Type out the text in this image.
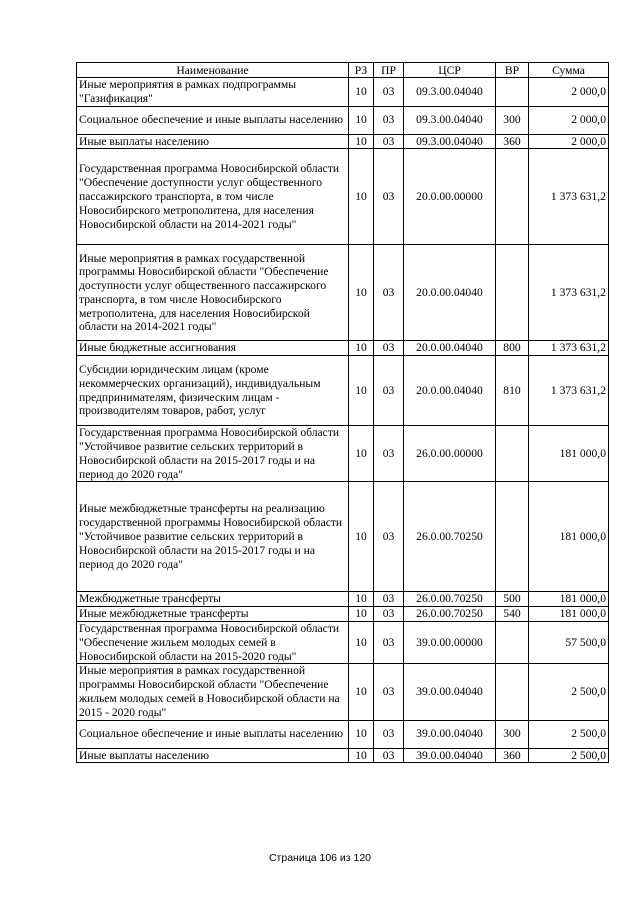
Наименование	РЗ	ПР	ЦСР	ВР	Сумма
Иные мероприятия в рамках подпрограммы "Газификация"	10	03	09.3.00.04040		2 000,0
Социальное обеспечение и иные выплаты населению	10	03	09.3.00.04040	300	2 000,0
Иные выплаты населению	10	03	09.3.00.04040	360	2 000,0
Государственная программа Новосибирской области "Обеспечение доступности услуг общественного пассажирского транспорта, в том числе Новосибирского метрополитена, для населения Новосибирской области на 2014-2021 годы"	10	03	20.0.00.00000		1 373 631,2
Иные мероприятия в рамках государственной программы Новосибирской области "Обеспечение доступности услуг общественного пассажирского транспорта, в том числе Новосибирского метрополитена, для населения Новосибирской области на 2014-2021 годы"	10	03	20.0.00.04040		1 373 631,2
Иные бюджетные ассигнования	10	03	20.0.00.04040	800	1 373 631,2
Субсидии юридическим лицам (кроме некоммерческих организаций), индивидуальным предпринимателям, физическим лицам - производителям товаров, работ, услуг	10	03	20.0.00.04040	810	1 373 631,2
Государственная программа Новосибирской области "Устойчивое развитие сельских территорий в Новосибирской области на 2015-2017 годы и на период до 2020 года"	10	03	26.0.00.00000		181 000,0
Иные межбюджетные трансферты на реализацию государственной программы Новосибирской области "Устойчивое развитие сельских территорий в Новосибирской области на 2015-2017 годы и на период до 2020 года"	10	03	26.0.00.70250		181 000,0
Межбюджетные трансферты	10	03	26.0.00.70250	500	181 000,0
Иные межбюджетные трансферты	10	03	26.0.00.70250	540	181 000,0
Государственная программа Новосибирской области "Обеспечение жильем молодых семей в Новосибирской области на 2015-2020 годы"	10	03	39.0.00.00000		57 500,0
Иные мероприятия в рамках государственной программы Новосибирской области "Обеспечение жильем молодых семей в Новосибирской области на 2015 - 2020 годы"	10	03	39.0.00.04040		2 500,0
Социальное обеспечение и иные выплаты населению	10	03	39.0.00.04040	300	2 500,0
Иные выплаты населению	10	03	39.0.00.04040	360	2 500,0
Страница 106 из 120
